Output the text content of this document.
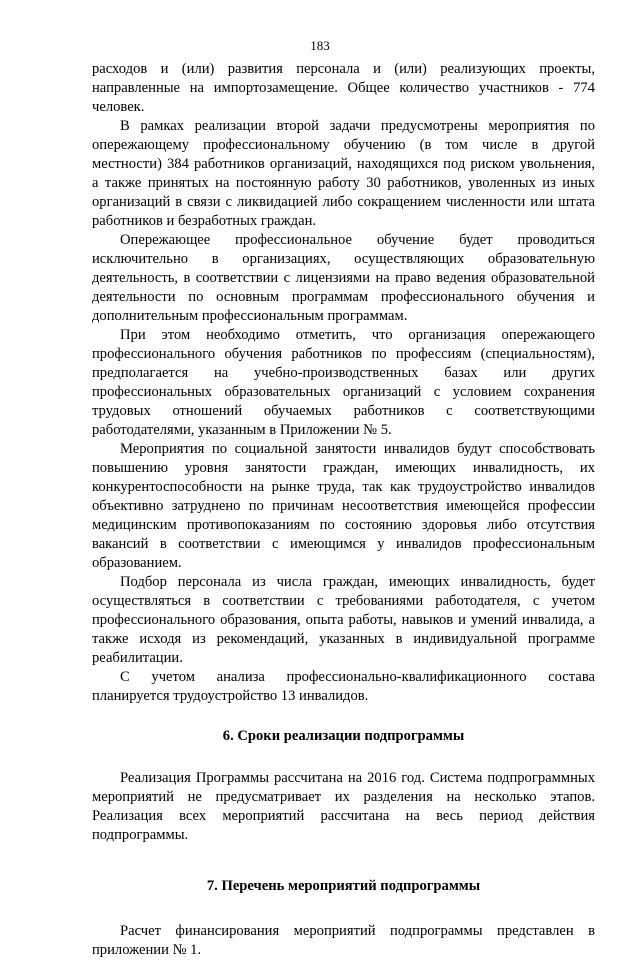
183

расходов и (или) развития персонала и (или) реализующих проекты, направленные на импортозамещение. Общее количество участников - 774 человек.

В рамках реализации второй задачи предусмотрены мероприятия по опережающему профессиональному обучению (в том числе в другой местности) 384 работников организаций, находящихся под риском увольнения, а также принятых на постоянную работу 30 работников, уволенных из иных организаций в связи с ликвидацией либо сокращением численности или штата работников и безработных граждан.

Опережающее профессиональное обучение будет проводиться исключительно в организациях, осуществляющих образовательную деятельность, в соответствии с лицензиями на право ведения образовательной деятельности по основным программам профессионального обучения и дополнительным профессиональным программам.

При этом необходимо отметить, что организация опережающего профессионального обучения работников по профессиям (специальностям), предполагается на учебно-производственных базах или других профессиональных образовательных организаций с условием сохранения трудовых отношений обучаемых работников с соответствующими работодателями, указанным в Приложении № 5.

Мероприятия по социальной занятости инвалидов будут способствовать повышению уровня занятости граждан, имеющих инвалидность, их конкурентоспособности на рынке труда, так как трудоустройство инвалидов объективно затруднено по причинам несоответствия имеющейся профессии медицинским противопоказаниям по состоянию здоровья либо отсутствия вакансий в соответствии с имеющимся у инвалидов профессиональным образованием.

Подбор персонала из числа граждан, имеющих инвалидность, будет осуществляться в соответствии с требованиями работодателя, с учетом профессионального образования, опыта работы, навыков и умений инвалида, а также исходя из рекомендаций, указанных в индивидуальной программе реабилитации.

С учетом анализа профессионально-квалификационного состава планируется трудоустройство 13 инвалидов.

6. Сроки реализации подпрограммы

Реализация Программы рассчитана на 2016 год. Система подпрограммных мероприятий не предусматривает их разделения на несколько этапов. Реализация всех мероприятий рассчитана на весь период действия подпрограммы.

7. Перечень мероприятий подпрограммы

Расчет финансирования мероприятий подпрограммы представлен в приложении № 1.
